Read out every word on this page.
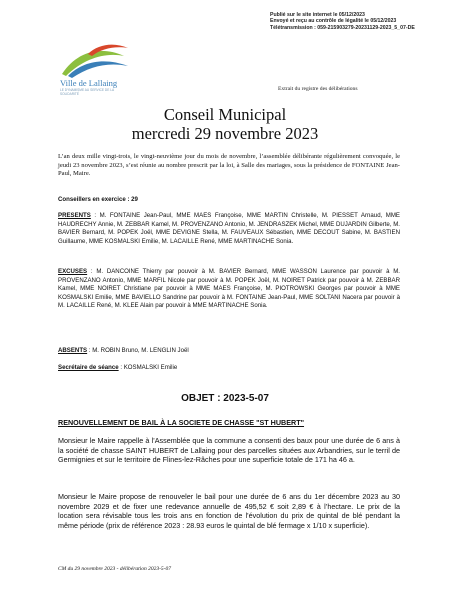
Publié sur le site internet le 05/12/2023
Envoyé et reçu au contrôle de légalité le 05/12/2023
Télétransmission : 059-215903279-20231129-2023_5_07-DE
Ville de Lallaing
LE DYNAMISME AU SERVICE DE LA SOLIDARITÉ
Extrait du registre des délibérations
Conseil Municipal
mercredi 29 novembre 2023
L’an deux mille vingt-trois, le vingt-neuvième jour du mois de novembre, l’assemblée délibérante régulièrement convoquée, le jeudi 23 novembre 2023, s’est réunie au nombre prescrit par la loi, à Salle des mariages, sous la présidence de FONTAINE Jean-Paul, Maire.
Conseillers en exercice : 29
PRESENTS : M. FONTAINE Jean-Paul, MME MAES Françoise, MME MARTIN Christelle, M. PIESSET Arnaud, MME HAUDRECHY Annie, M. ZEBBAR Kamel, M. PROVENZANO Antonio, M. JENDRASZEK Michel, MME DUJARDIN Gilberte, M. BAVIER Bernard, M. POPEK Joël, MME DEVIGNE Stella, M. FAUVEAUX Sébastien, MME DECOUT Sabine, M. BASTIEN Guillaume, MME KOSMALSKI Emilie, M. LACAILLE René, MME MARTINACHE Sonia.
EXCUSES : M. DANCOINE Thierry par pouvoir à M. BAVIER Bernard, MME WASSON Laurence par pouvoir à M. PROVENZANO Antonio, MME MARFIL Nicole par pouvoir à M. POPEK Joël, M. NOIRET Patrick par pouvoir à M. ZEBBAR Kamel, MME NOIRET Christiane par pouvoir à MME MAES Françoise, M. PIOTROWSKI Georges par pouvoir à MME KOSMALSKI Emilie, MME BAVIELLO Sandrine par pouvoir à M. FONTAINE Jean-Paul, MME SOLTANI Nacera par pouvoir à M. LACAILLE René, M. KLEE Alain par pouvoir à MME MARTINACHE Sonia.
ABSENTS : M. ROBIN Bruno, M. LENGLIN Joël
Secrétaire de séance : KOSMALSKI Emilie
OBJET : 2023-5-07
RENOUVELLEMENT DE BAIL À LA SOCIETE DE CHASSE "ST HUBERT"
Monsieur le Maire rappelle à l’Assemblée que la commune a consenti des baux pour une durée de 6 ans à la société de chasse SAINT HUBERT de Lallaing pour des parcelles situées aux Arbandries, sur le terril de Germignies et sur le territoire de Flines-lez-Râches pour une superficie totale de 171 ha 46 a.
Monsieur le Maire propose de renouveler le bail pour une durée de 6 ans du 1er décembre 2023 au 30 novembre 2029 et de fixer une redevance annuelle de 495,52 € soit 2,89 € à l’hectare. Le prix de la location sera révisable tous les trois ans en fonction de l’évolution du prix de quintal de blé pendant la même période (prix de référence 2023 : 28.93 euros le quintal de blé fermage x 1/10 x superficie).
CM du 29 novembre 2023 - délibération 2023-5-07
